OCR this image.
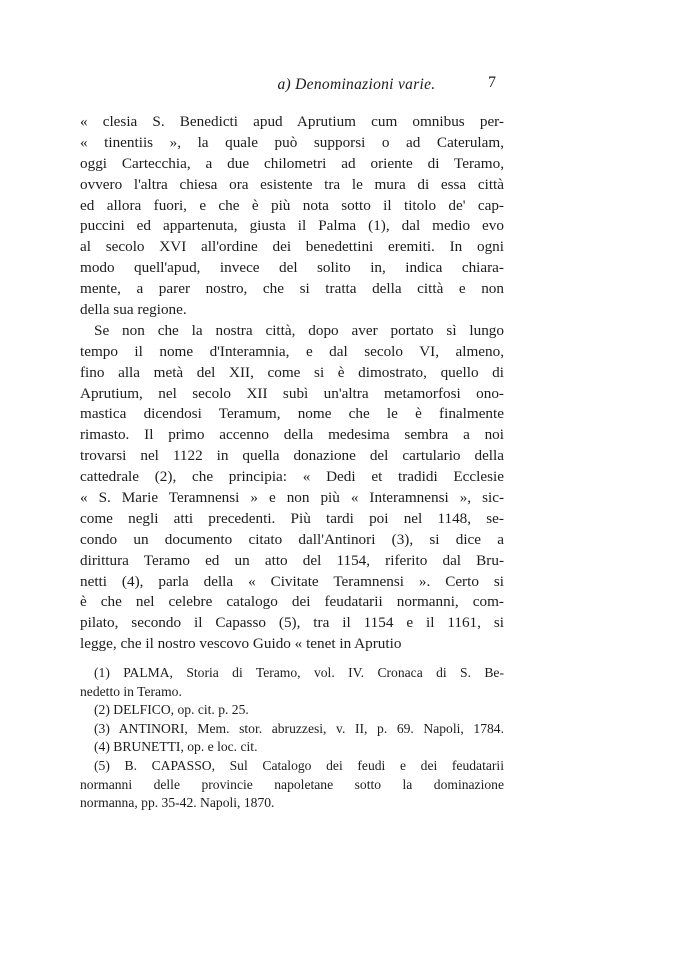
a) Denominazioni varie.	7
« clesia S. Benedicti apud Aprutium cum omnibus per-
« tinentiis », la quale può supporsi o ad Caterulam,
oggi Cartecchia, a due chilometri ad oriente di Teramo,
ovvero l'altra chiesa ora esistente tra le mura di essa città
ed allora fuori, e che è più nota sotto il titolo de' cap-
puccini ed appartenuta, giusta il Palma (1), dal medio evo
al secolo XVI all'ordine dei benedettini eremiti. In ogni
modo quell'apud, invece del solito in, indica chiara-
mente, a parer nostro, che si tratta della città e non
della sua regione.
Se non che la nostra città, dopo aver portato sì lungo
tempo il nome d'Interamnia, e dal secolo VI, almeno,
fino alla metà del XII, come si è dimostrato, quello di
Aprutium, nel secolo XII subì un'altra metamorfosi ono-
mastica dicendosi Teramum, nome che le è finalmente
rimasto. Il primo accenno della medesima sembra a noi
trovarsi nel 1122 in quella donazione del cartulario della
cattedrale (2), che principia: « Dedi et tradidi Ecclesie
« S. Marie Teramnensi » e non più « Interamnensi », sic-
come negli atti precedenti. Più tardi poi nel 1148, se-
condo un documento citato dall'Antinori (3), si dice a
dirittura Teramo ed un atto del 1154, riferito dal Bru-
netti (4), parla della « Civitate Teramnensi ». Certo si
è che nel celebre catalogo dei feudatarii normanni, com-
pilato, secondo il Capasso (5), tra il 1154 e il 1161, si
legge, che il nostro vescovo Guido « tenet in Aprutio
(1) PALMA, Storia di Teramo, vol. IV. Cronaca di S. Be-
nedetto in Teramo.
(2) DELFICO, op. cit. p. 25.
(3) ANTINORI, Mem. stor. abruzzesi, v. II, p. 69. Napoli, 1784.
(4) BRUNETTI, op. e loc. cit.
(5) B. CAPASSO, Sul Catalogo dei feudi e dei feudatarii
normanni delle provincie napoletane sotto la dominazione
normanna, pp. 35-42. Napoli, 1870.
